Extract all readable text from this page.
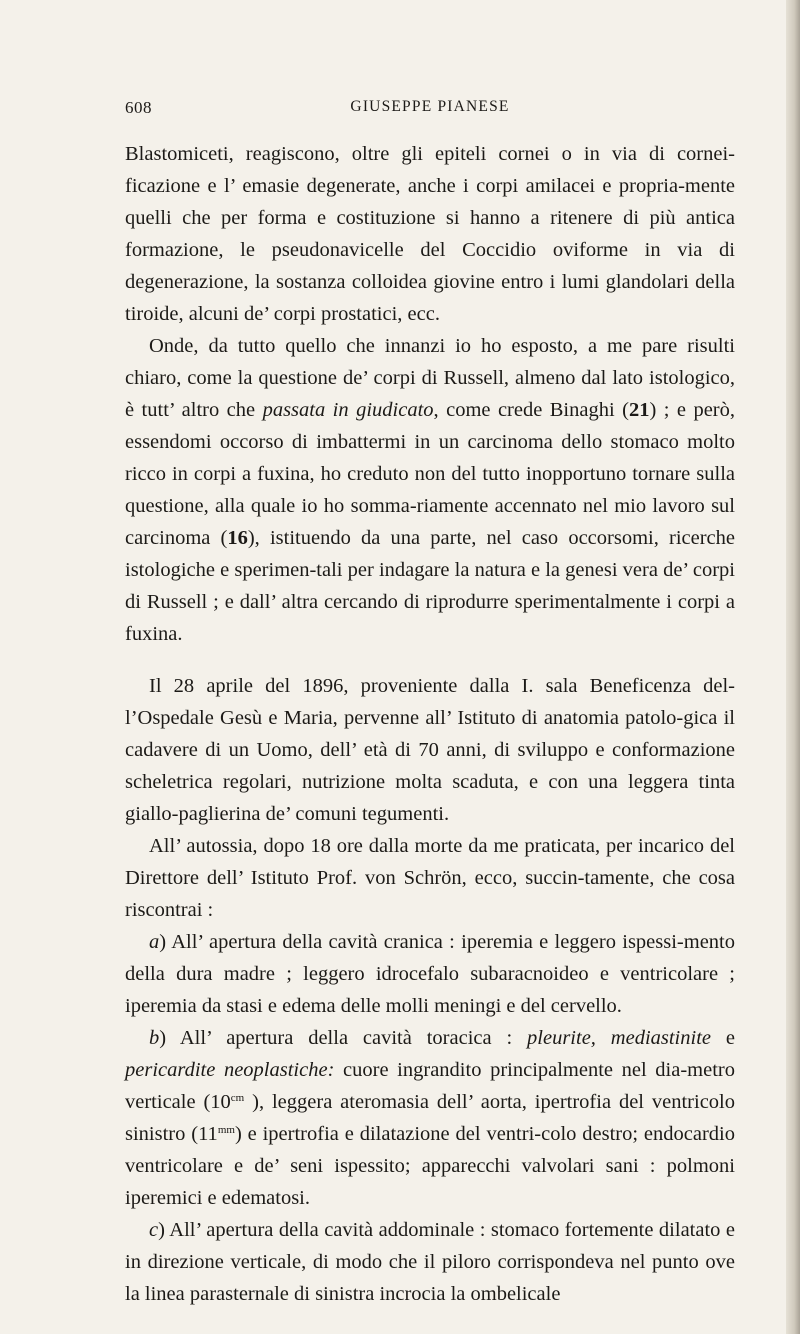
608	GIUSEPPE PIANESE

Blastomiceti, reagiscono, oltre gli epiteli cornei o in via di cornei-ficazione e l’ emasie degenerate, anche i corpi amilacei e propria-mente quelli che per forma e costituzione si hanno a ritenere di più antica formazione, le pseudonavicelle del Coccidio oviforme in via di degenerazione, la sostanza colloidea giovine entro i lumi glandolari della tiroide, alcuni de’ corpi prostatici, ecc.

Onde, da tutto quello che innanzi io ho esposto, a me pare risulti chiaro, come la questione de’ corpi di Russell, almeno dal lato istologico, è tutt’ altro che passata in giudicato, come crede Binaghi (21) ; e però, essendomi occorso di imbattermi in un carcinoma dello stomaco molto ricco in corpi a fuxina, ho creduto non del tutto inopportuno tornare sulla questione, alla quale io ho somma-riamente accennato nel mio lavoro sul carcinoma (16), istituendo da una parte, nel caso occorsomi, ricerche istologiche e sperimen-tali per indagare la natura e la genesi vera de’ corpi di Russell ; e dall’ altra cercando di riprodurre sperimentalmente i corpi a fuxina.

Il 28 aprile del 1896, proveniente dalla I. sala Beneficenza del-l’Ospedale Gesù e Maria, pervenne all’ Istituto di anatomia patolo-gica il cadavere di un Uomo, dell’ età di 70 anni, di sviluppo e conformazione scheletrica regolari, nutrizione molta scaduta, e con una leggera tinta giallo-paglierina de’ comuni tegumenti.

All’ autossia, dopo 18 ore dalla morte da me praticata, per incarico del Direttore dell’ Istituto Prof. von Schrön, ecco, succin-tamente, che cosa riscontrai :

a) All’ apertura della cavità cranica : iperemia e leggero ispessi-mento della dura madre ; leggero idrocefalo subaracnoideo e ventricolare ; iperemia da stasi e edema delle molli meningi e del cervello.

b) All’ apertura della cavità toracica : pleurite, mediastinite e pericardite neoplastiche: cuore ingrandito principalmente nel dia-metro verticale ($10^{cm}$ ), leggera ateromasia dell’ aorta, ipertrofia del ventricolo sinistro $(11^{mm})$ e ipertrofia e dilatazione del ventri-colo destro; endocardio ventricolare e de’ seni ispessito; apparecchi valvolari sani : polmoni iperemici e edematosi.

c) All’ apertura della cavità addominale : stomaco fortemente dilatato e in direzione verticale, di modo che il piloro corrispondeva nel punto ove la linea parasternale di sinistra incrocia la ombelicale
